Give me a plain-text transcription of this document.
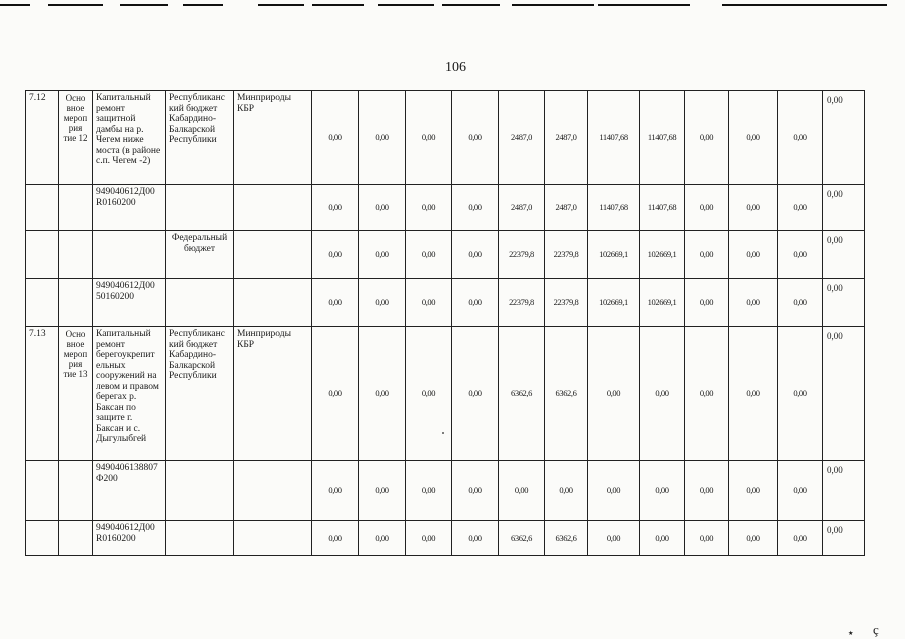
106
7.12	Осно вное мероп рия тие 12	Капитальный ремонт защитной дамбы на р. Чегем ниже моста (в районе с.п. Чегем -2)	Республиканс кий бюджет Кабардино-Балкарской Республики	Минприроды КБР	0,00	0,00	0,00	0,00	2487,0	2487,0	11407,68	11407,68	0,00	0,00	0,00	0,00
		949040612Д00 R0160200			0,00	0,00	0,00	0,00	2487,0	2487,0	11407,68	11407,68	0,00	0,00	0,00	0,00
			Федеральный бюджет		0,00	0,00	0,00	0,00	22379,8	22379,8	102669,1	102669,1	0,00	0,00	0,00	0,00
		949040612Д00 50160200			0,00	0,00	0,00	0,00	22379,8	22379,8	102669,1	102669,1	0,00	0,00	0,00	0,00
7.13	Осно вное мероп рия тие 13	Капитальный ремонт берегоукрепит ельных сооружений на левом и правом берегах р. Баксан по защите г. Баксан и с. Дыгулыбгей	Республиканс кий бюджет Кабардино-Балкарской Республики	Минприроды КБР	0,00	0,00	0,00	0,00	6362,6	6362,6	0,00	0,00	0,00	0,00	0,00	0,00
		9490406138807 Ф200			0,00	0,00	0,00	0,00	0,00	0,00	0,00	0,00	0,00	0,00	0,00	0,00
		949040612Д00 R0160200			0,00	0,00	0,00	0,00	6362,6	6362,6	0,00	0,00	0,00	0,00	0,00	0,00
٭ ç
